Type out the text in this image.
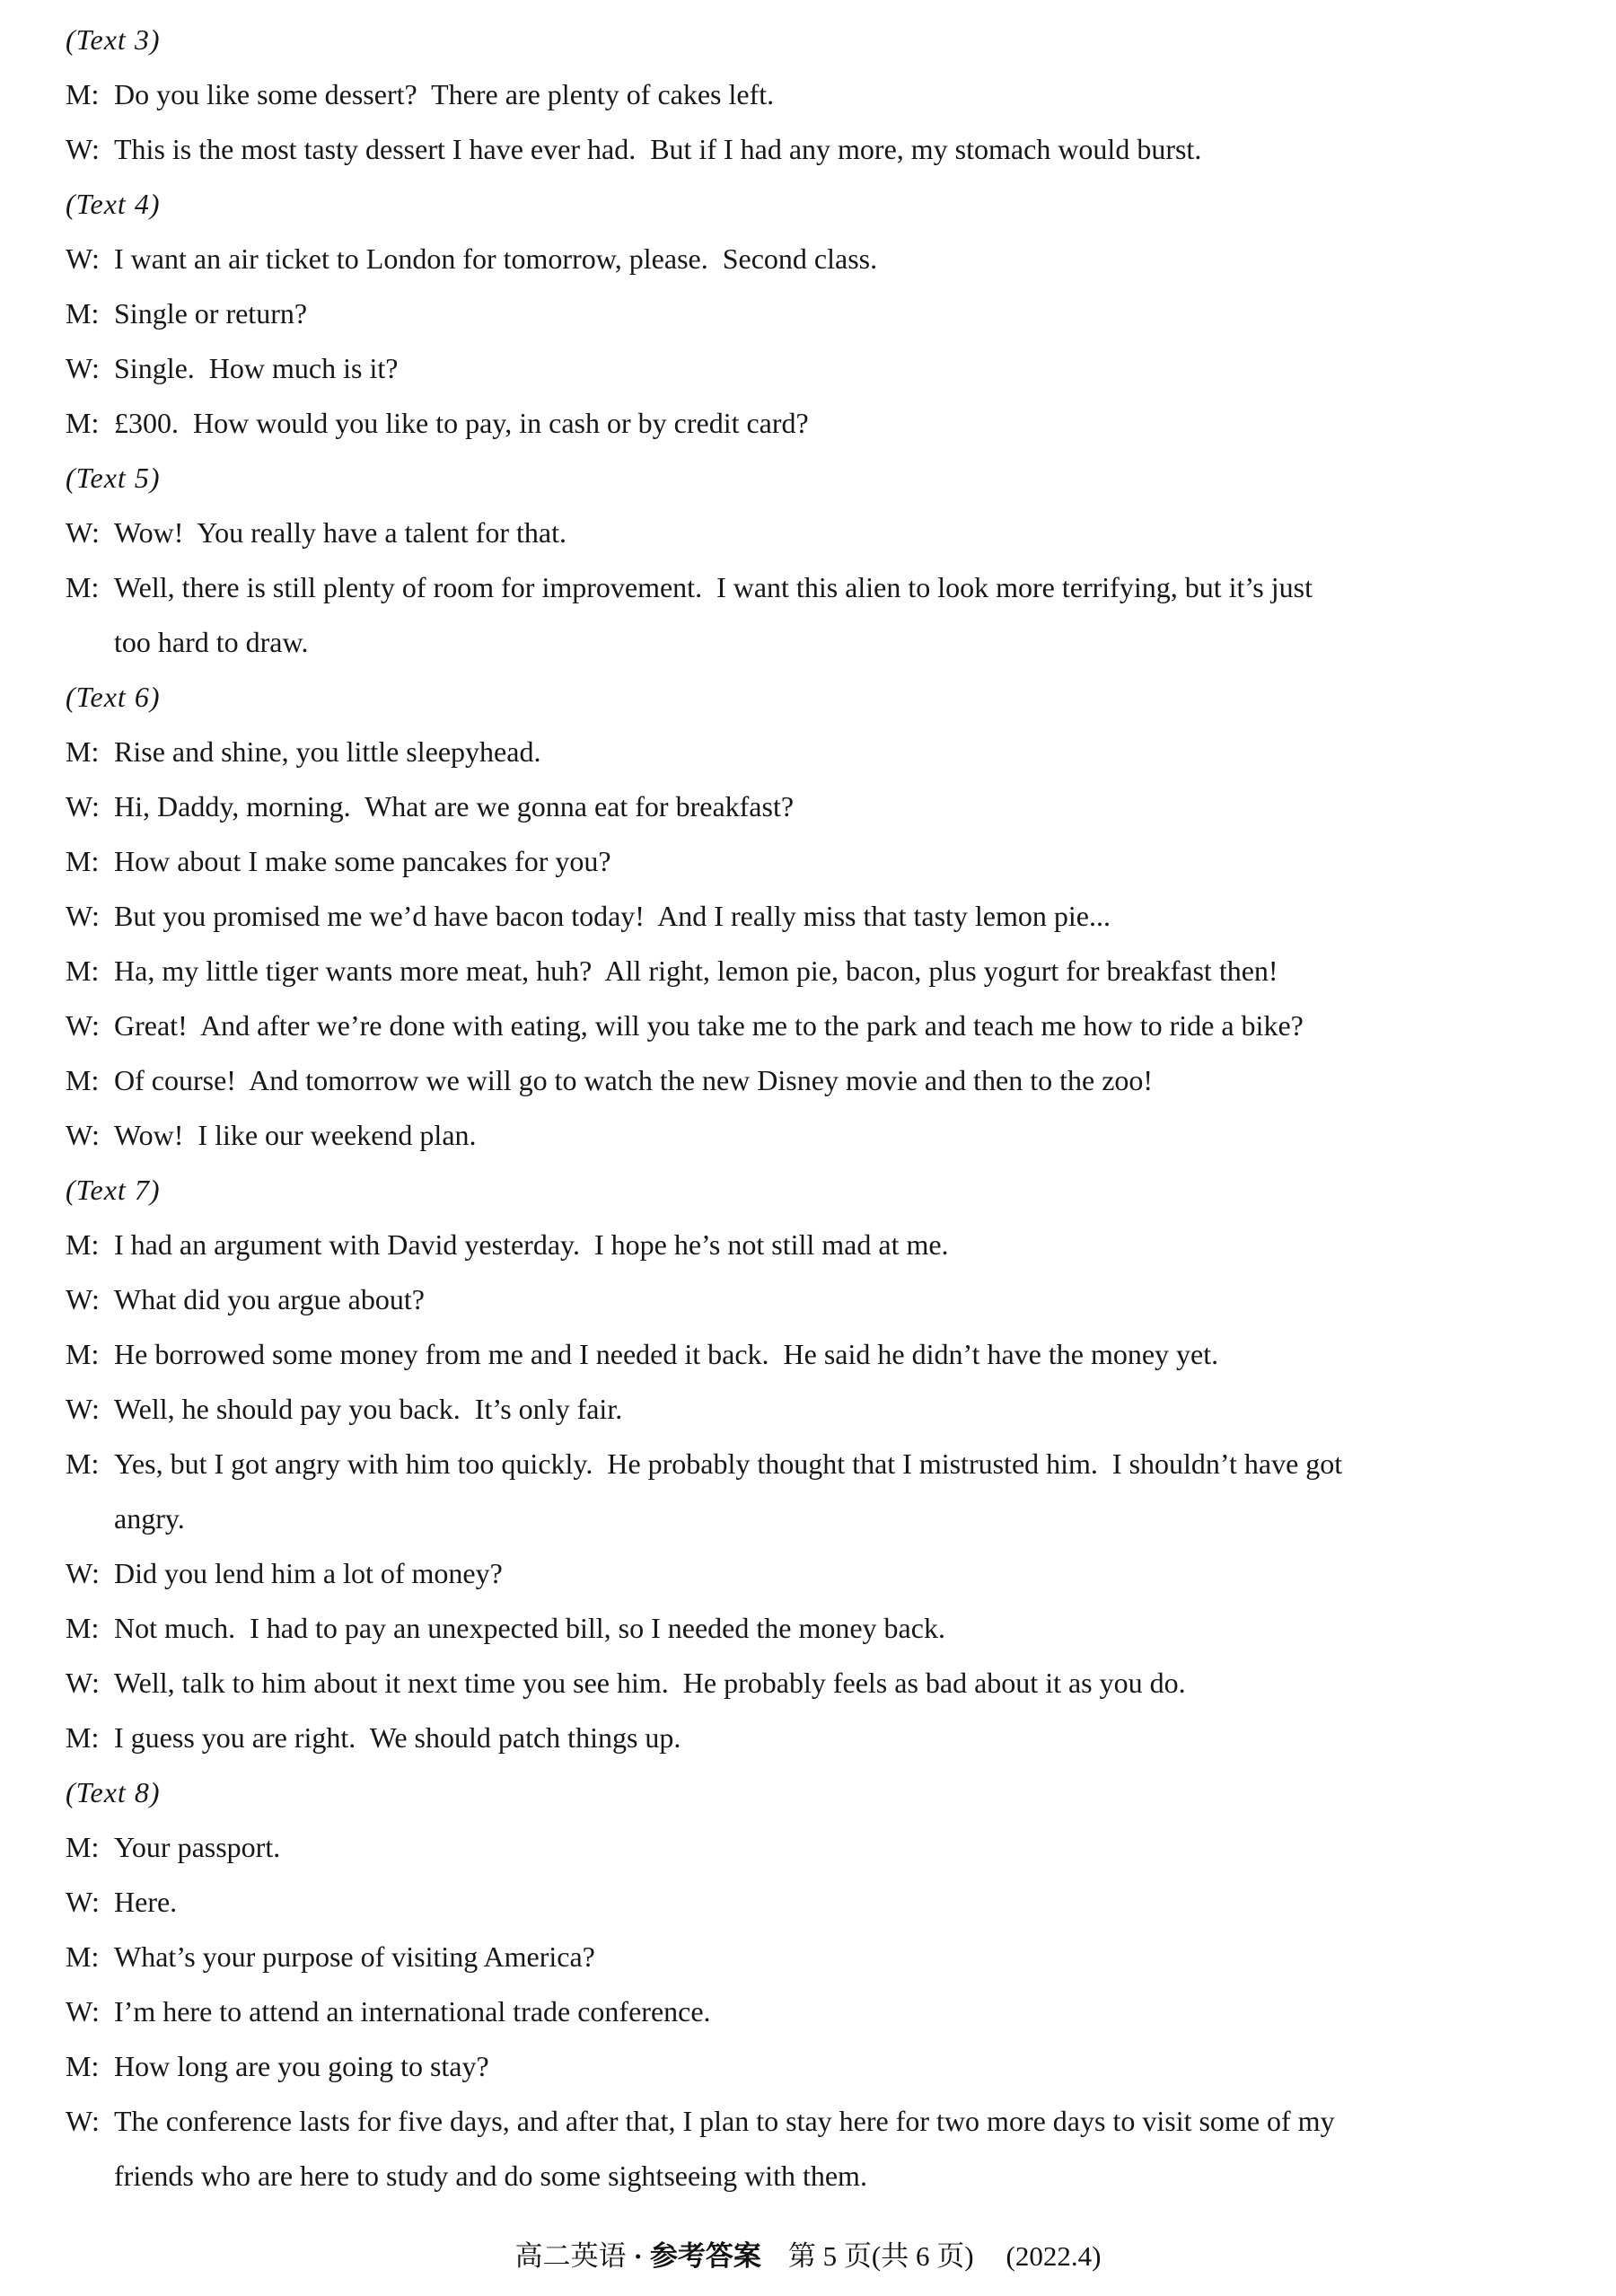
(Text 3)
M: Do you like some dessert?  There are plenty of cakes left.
W: This is the most tasty dessert I have ever had.  But if I had any more, my stomach would burst.
(Text 4)
W: I want an air ticket to London for tomorrow, please.  Second class.
M: Single or return?
W: Single.  How much is it?
M: £300.  How would you like to pay, in cash or by credit card?
(Text 5)
W: Wow!  You really have a talent for that.
M: Well, there is still plenty of room for improvement.  I want this alien to look more terrifying, but it’s just
too hard to draw.
(Text 6)
M: Rise and shine, you little sleepyhead.
W: Hi, Daddy, morning.  What are we gonna eat for breakfast?
M: How about I make some pancakes for you?
W: But you promised me we’d have bacon today!  And I really miss that tasty lemon pie...
M: Ha, my little tiger wants more meat, huh?  All right, lemon pie, bacon, plus yogurt for breakfast then!
W: Great!  And after we’re done with eating, will you take me to the park and teach me how to ride a bike?
M: Of course!  And tomorrow we will go to watch the new Disney movie and then to the zoo!
W: Wow!  I like our weekend plan.
(Text 7)
M: I had an argument with David yesterday.  I hope he’s not still mad at me.
W: What did you argue about?
M: He borrowed some money from me and I needed it back.  He said he didn’t have the money yet.
W: Well, he should pay you back.  It’s only fair.
M: Yes, but I got angry with him too quickly.  He probably thought that I mistrusted him.  I shouldn’t have got
angry.
W: Did you lend him a lot of money?
M: Not much.  I had to pay an unexpected bill, so I needed the money back.
W: Well, talk to him about it next time you see him.  He probably feels as bad about it as you do.
M: I guess you are right.  We should patch things up.
(Text 8)
M: Your passport.
W: Here.
M: What’s your purpose of visiting America?
W: I’m here to attend an international trade conference.
M: How long are you going to stay?
W: The conference lasts for five days, and after that, I plan to stay here for two more days to visit some of my
friends who are here to study and do some sightseeing with them.
高二英语 · 参考答案 第 5 页(共 6 页) (2022.4)
